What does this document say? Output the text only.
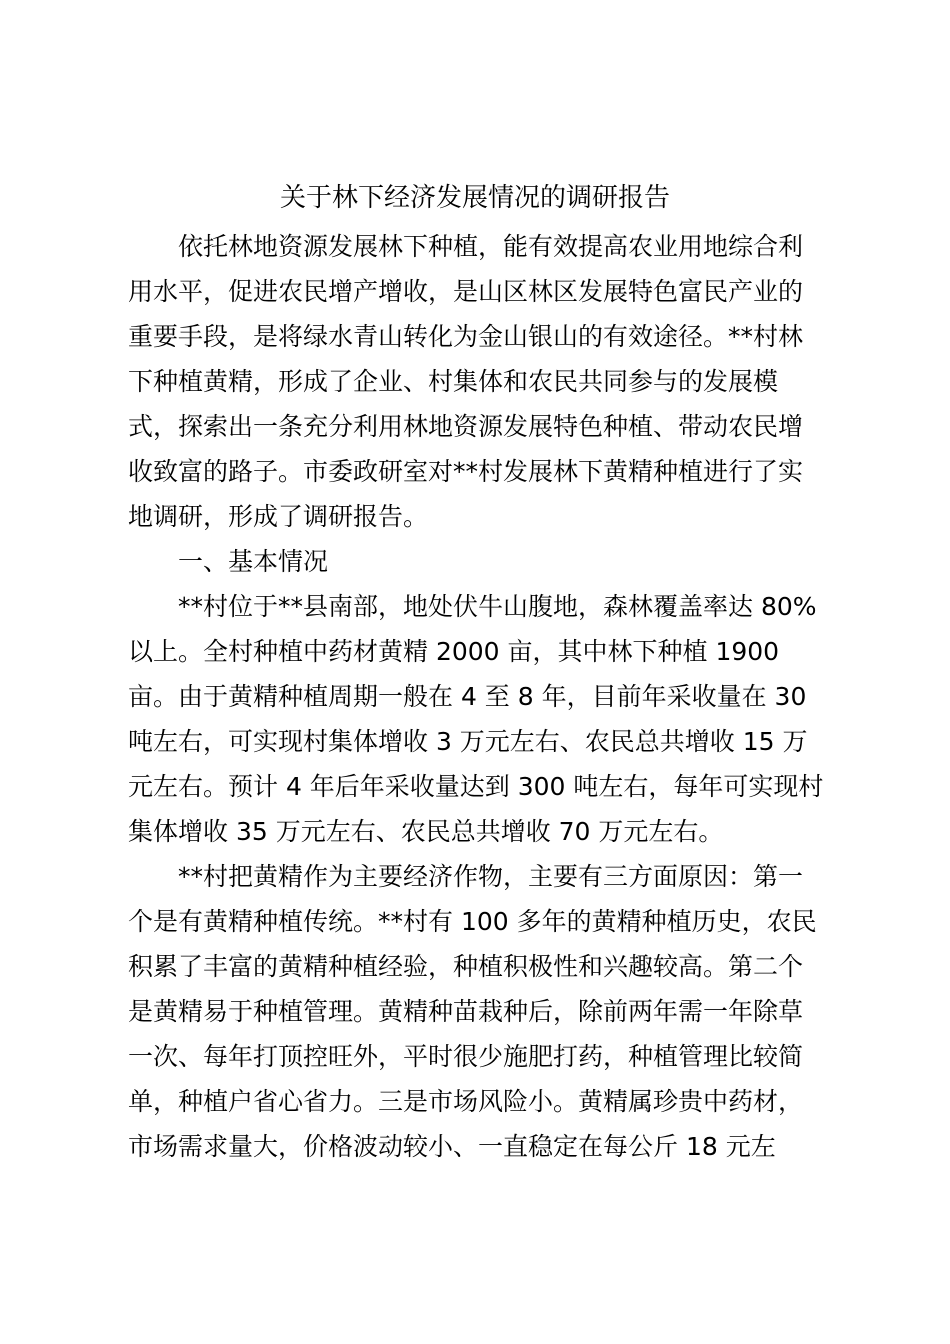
关于林下经济发展情况的调研报告
依托林地资源发展林下种植，能有效提高农业用地综合利
用水平，促进农民增产增收，是山区林区发展特色富民产业的
重要手段，是将绿水青山转化为金山银山的有效途径。**村林
下种植黄精，形成了企业、村集体和农民共同参与的发展模
式，探索出一条充分利用林地资源发展特色种植、带动农民增
收致富的路子。市委政研室对**村发展林下黄精种植进行了实
地调研，形成了调研报告。
一、基本情况
**村位于**县南部，地处伏牛山腹地，森林覆盖率达 80%
以上。全村种植中药材黄精 2000 亩，其中林下种植 1900
亩。由于黄精种植周期一般在 4 至 8 年，目前年采收量在 30
吨左右，可实现村集体增收 3 万元左右、农民总共增收 15 万
元左右。预计 4 年后年采收量达到 300 吨左右，每年可实现村
集体增收 35 万元左右、农民总共增收 70 万元左右。
**村把黄精作为主要经济作物，主要有三方面原因：第一
个是有黄精种植传统。**村有 100 多年的黄精种植历史，农民
积累了丰富的黄精种植经验，种植积极性和兴趣较高。第二个
是黄精易于种植管理。黄精种苗栽种后，除前两年需一年除草
一次、每年打顶控旺外，平时很少施肥打药，种植管理比较简
单，种植户省心省力。三是市场风险小。黄精属珍贵中药材，
市场需求量大，价格波动较小、一直稳定在每公斤 18 元左
